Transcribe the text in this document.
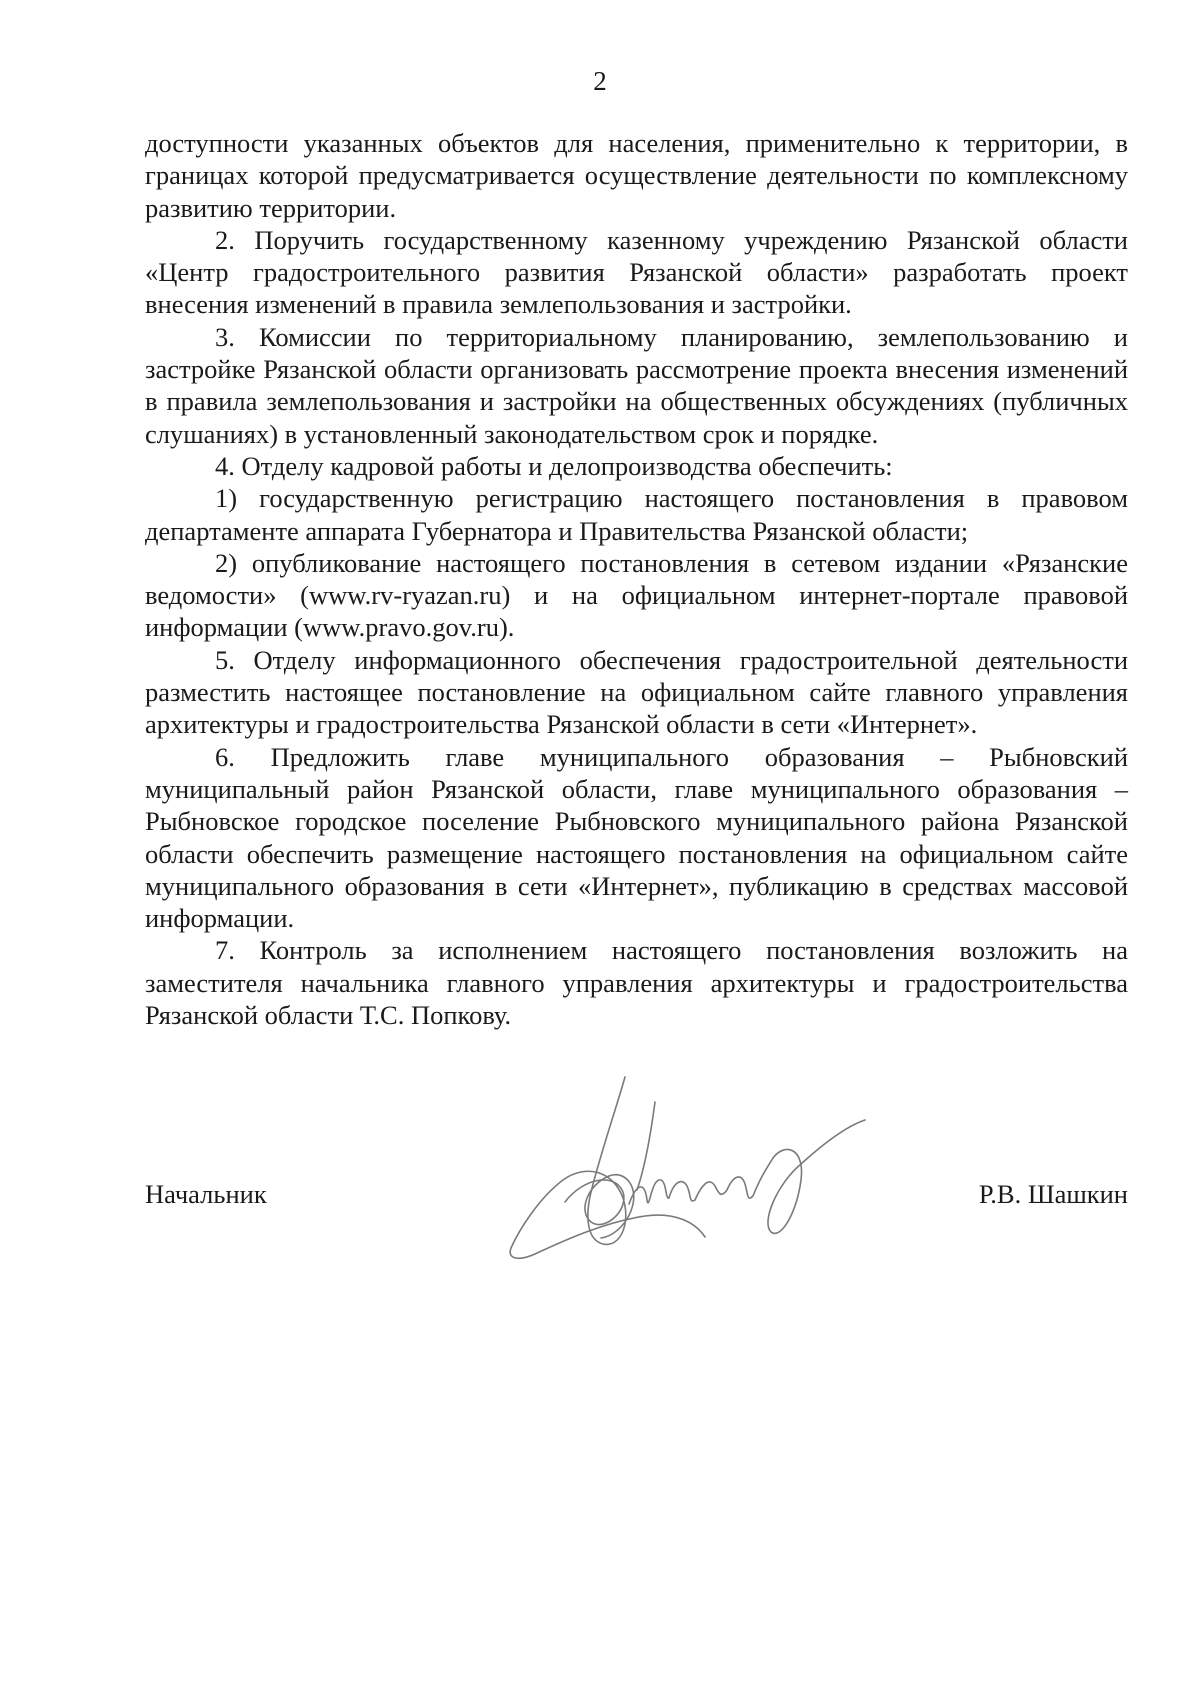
2

доступности указанных объектов для населения, применительно к территории, в границах которой предусматривается осуществление деятельности по комплексному развитию территории.

2. Поручить государственному казенному учреждению Рязанской области «Центр градостроительного развития Рязанской области» разработать проект внесения изменений в правила землепользования и застройки.

3. Комиссии по территориальному планированию, землепользованию и застройке Рязанской области организовать рассмотрение проекта внесения изменений в правила землепользования и застройки на общественных обсуждениях (публичных слушаниях) в установленный законодательством срок и порядке.

4. Отделу кадровой работы и делопроизводства обеспечить:

1) государственную регистрацию настоящего постановления в правовом департаменте аппарата Губернатора и Правительства Рязанской области;

2) опубликование настоящего постановления в сетевом издании «Рязанские ведомости» (www.rv-ryazan.ru) и на официальном интернет-портале правовой информации (www.pravo.gov.ru).

5. Отделу информационного обеспечения градостроительной деятельности разместить настоящее постановление на официальном сайте главного управления архитектуры и градостроительства Рязанской области в сети «Интернет».

6. Предложить главе муниципального образования – Рыбновский муниципальный район Рязанской области, главе муниципального образования – Рыбновское городское поселение Рыбновского муниципального района Рязанской области обеспечить размещение настоящего постановления на официальном сайте муниципального образования в сети «Интернет», публикацию в средствах массовой информации.

7. Контроль за исполнением настоящего постановления возложить на заместителя начальника главного управления архитектуры и градостроительства Рязанской области Т.С. Попкову.

Начальник	Р.В. Шашкин
